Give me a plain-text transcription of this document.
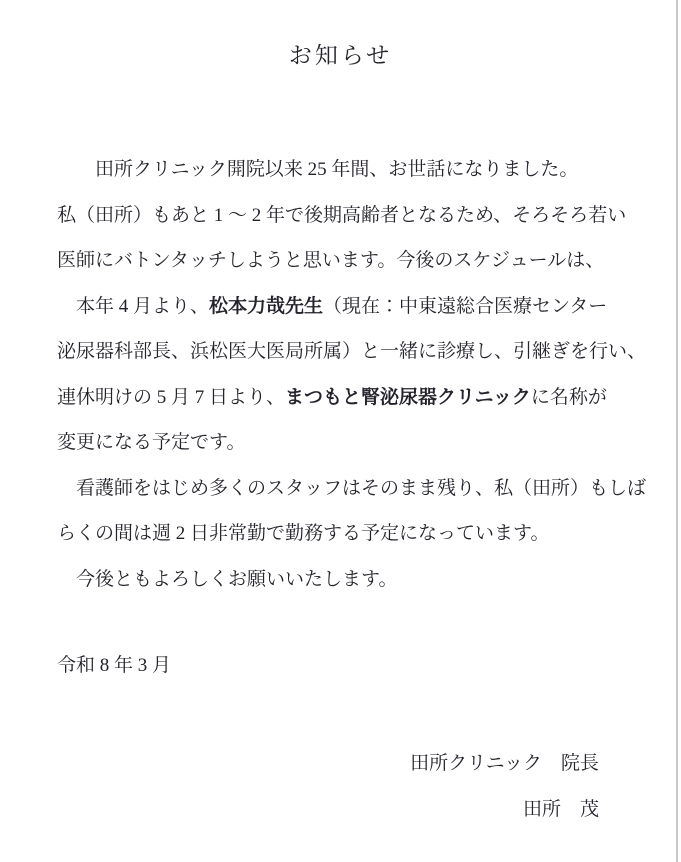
お知らせ
　　田所クリニック開院以来 25 年間、お世話になりました。
私（田所）もあと 1 ～ 2 年で後期高齢者となるため、そろそろ若い
医師にバトンタッチしようと思います。今後のスケジュールは、
　本年 4 月より、松本力哉先生（現在：中東遠総合医療センター
泌尿器科部長、浜松医大医局所属）と一緒に診療し、引継ぎを行い、
連休明けの 5 月 7 日より、まつもと腎泌尿器クリニックに名称が
変更になる予定です。
　看護師をはじめ多くのスタッフはそのまま残り、私（田所）もしば
らくの間は週 2 日非常勤で勤務する予定になっています。
　今後ともよろしくお願いいたします。
令和 8 年 3 月
田所クリニック　院長
田所　茂
